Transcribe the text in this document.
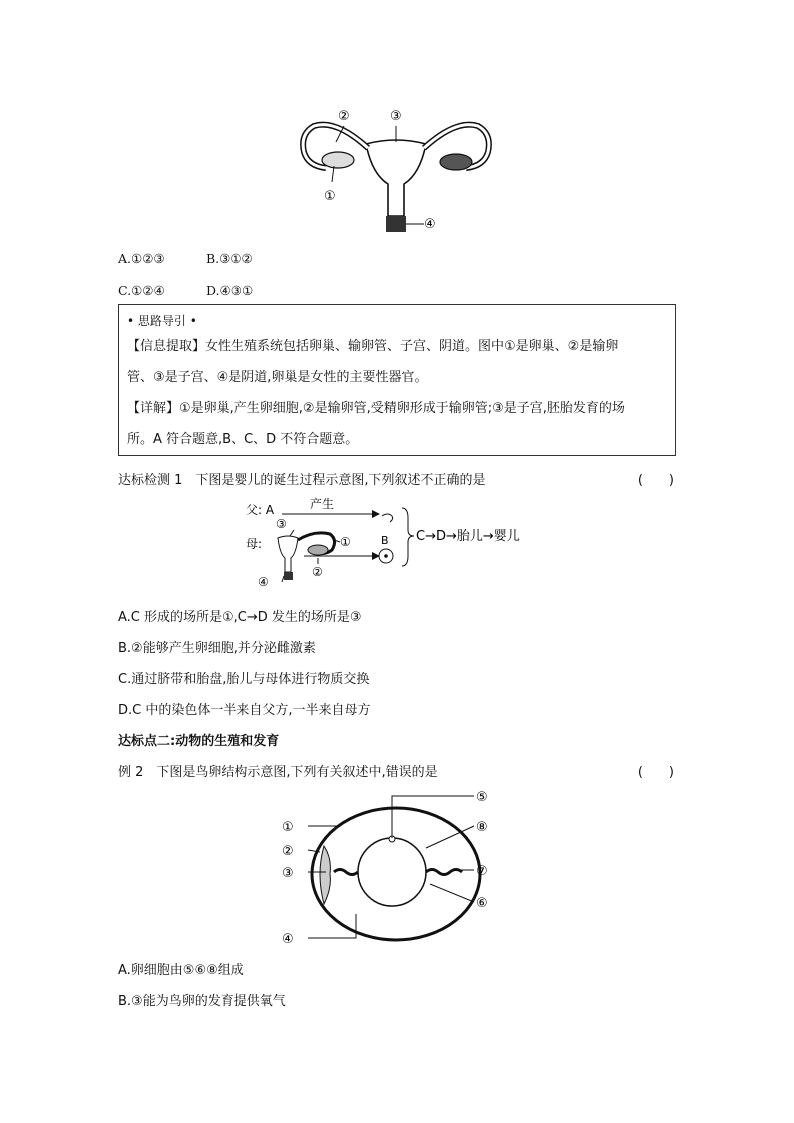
②	③
①
④
A.①②③	B.③①②
C.①②④	D.④③①

• 思路导引 •

【信息提取】女性生殖系统包括卵巢、输卵管、子宫、阴道。图中①是卵巢、②是输卵

管、③是子宫、④是阴道,卵巢是女性的主要性器官。

【详解】①是卵巢,产生卵细胞,②是输卵管,受精卵形成于输卵管;③是子宫,胚胎发育的场

所。A 符合题意,B、C、D 不符合题意。

达标检测 1　下图是婴儿的诞生过程示意图,下列叙述不正确的是	(　　)
父: A	产生
母:	B C→D→胎儿→婴儿
③
①
②
④
A.C 形成的场所是①,C→D 发生的场所是③
B.②能够产生卵细胞,并分泌雌激素
C.通过脐带和胎盘,胎儿与母体进行物质交换
D.C 中的染色体一半来自父方,一半来自母方
达标点二:动物的生殖和发育
例 2　下图是鸟卵结构示意图,下列有关叙述中,错误的是	(　　)
①
②
③
④
⑤
⑧
⑦
⑥
A.卵细胞由⑤⑥⑧组成
B.③能为鸟卵的发育提供氧气
